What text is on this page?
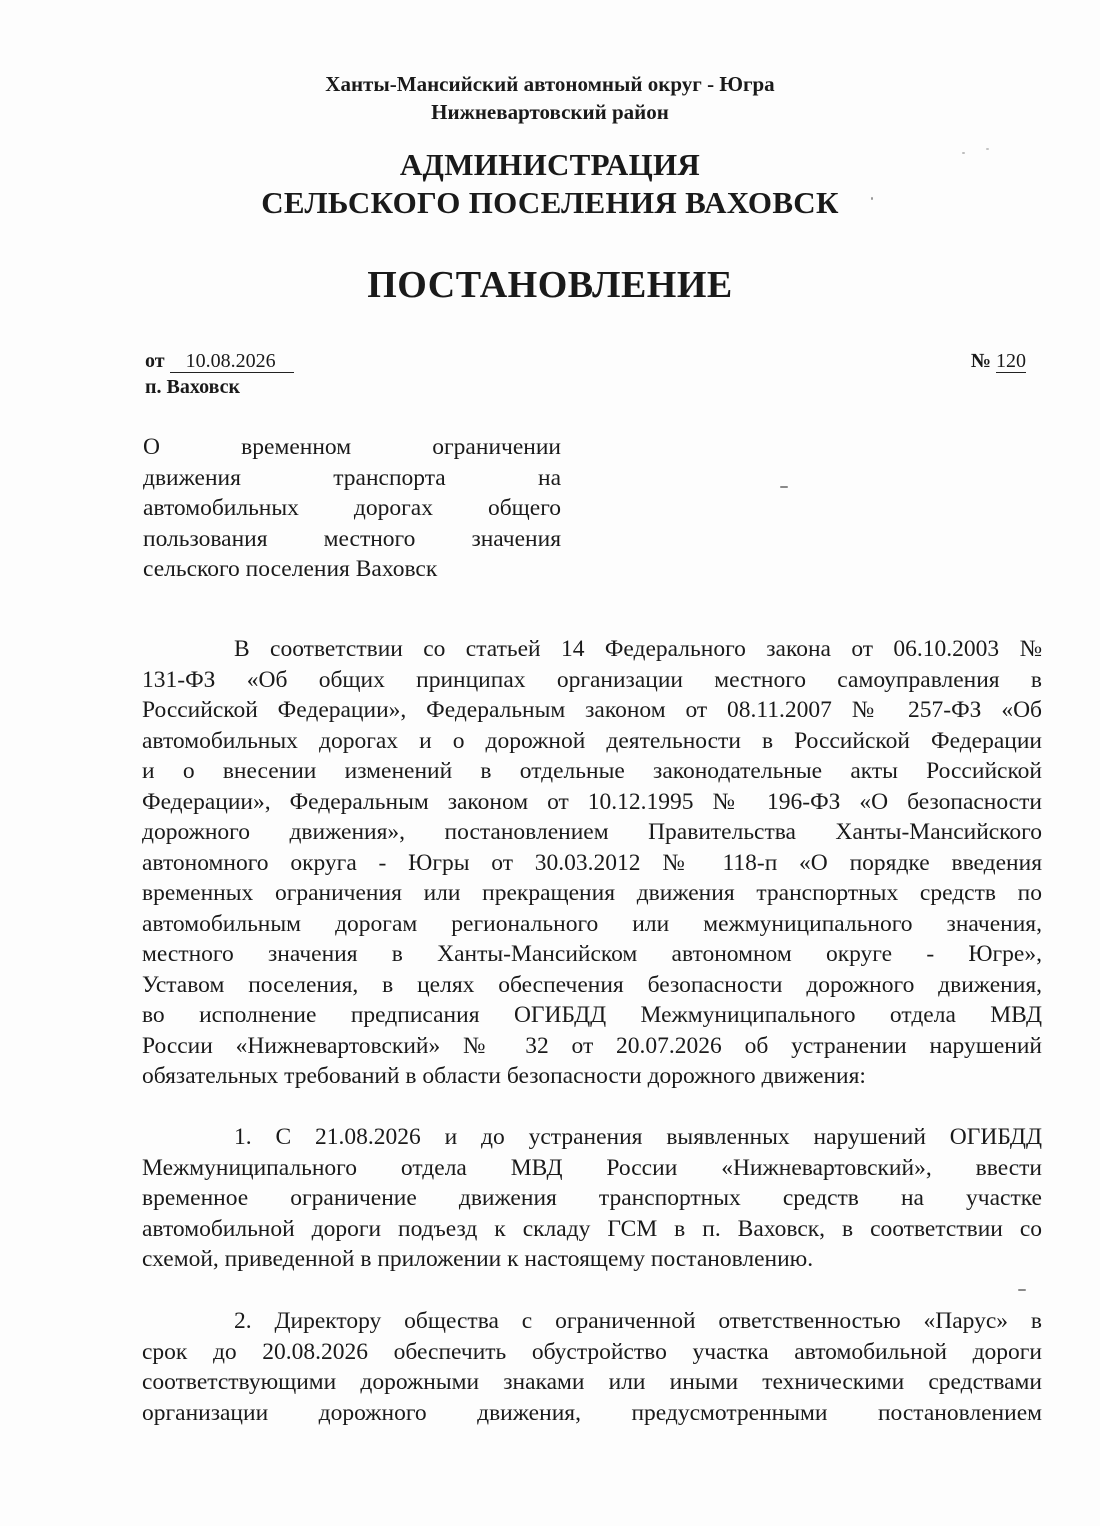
Ханты-Мансийский автономный округ - Югра
Нижневартовский район
АДМИНИСТРАЦИЯ
СЕЛЬСКОГО ПОСЕЛЕНИЯ ВАХОВСК
ПОСТАНОВЛЕНИЕ
от 10.08.2026
п. Ваховск
№ 120
О временном ограничении
движения транспорта на
автомобильных дорогах общего
пользования местного значения
сельского поселения Ваховск
В соответствии со статьей 14 Федерального закона от 06.10.2003 №
131-ФЗ «Об общих принципах организации местного самоуправления в
Российской Федерации», Федеральным законом от 08.11.2007 № 257-ФЗ «Об
автомобильных дорогах и о дорожной деятельности в Российской Федерации
и о внесении изменений в отдельные законодательные акты Российской
Федерации», Федеральным законом от 10.12.1995 № 196-ФЗ «О безопасности
дорожного движения», постановлением Правительства Ханты-Мансийского
автономного округа - Югры от 30.03.2012 № 118-п «О порядке введения
временных ограничения или прекращения движения транспортных средств по
автомобильным дорогам регионального или межмуниципального значения,
местного значения в Ханты-Мансийском автономном округе - Югре»,
Уставом поселения, в целях обеспечения безопасности дорожного движения,
во исполнение предписания ОГИБДД Межмуниципального отдела МВД
России «Нижневартовский» № 32 от 20.07.2026 об устранении нарушений
обязательных требований в области безопасности дорожного движения:
1. С 21.08.2026 и до устранения выявленных нарушений ОГИБДД
Межмуниципального отдела МВД России «Нижневартовский», ввести
временное ограничение движения транспортных средств на участке
автомобильной дороги подъезд к складу ГСМ в п. Ваховск, в соответствии со
схемой, приведенной в приложении к настоящему постановлению.
2. Директору общества с ограниченной ответственностью «Парус» в
срок до 20.08.2026 обеспечить обустройство участка автомобильной дороги
соответствующими дорожными знаками или иными техническими средствами
организации дорожного движения, предусмотренными постановлением
